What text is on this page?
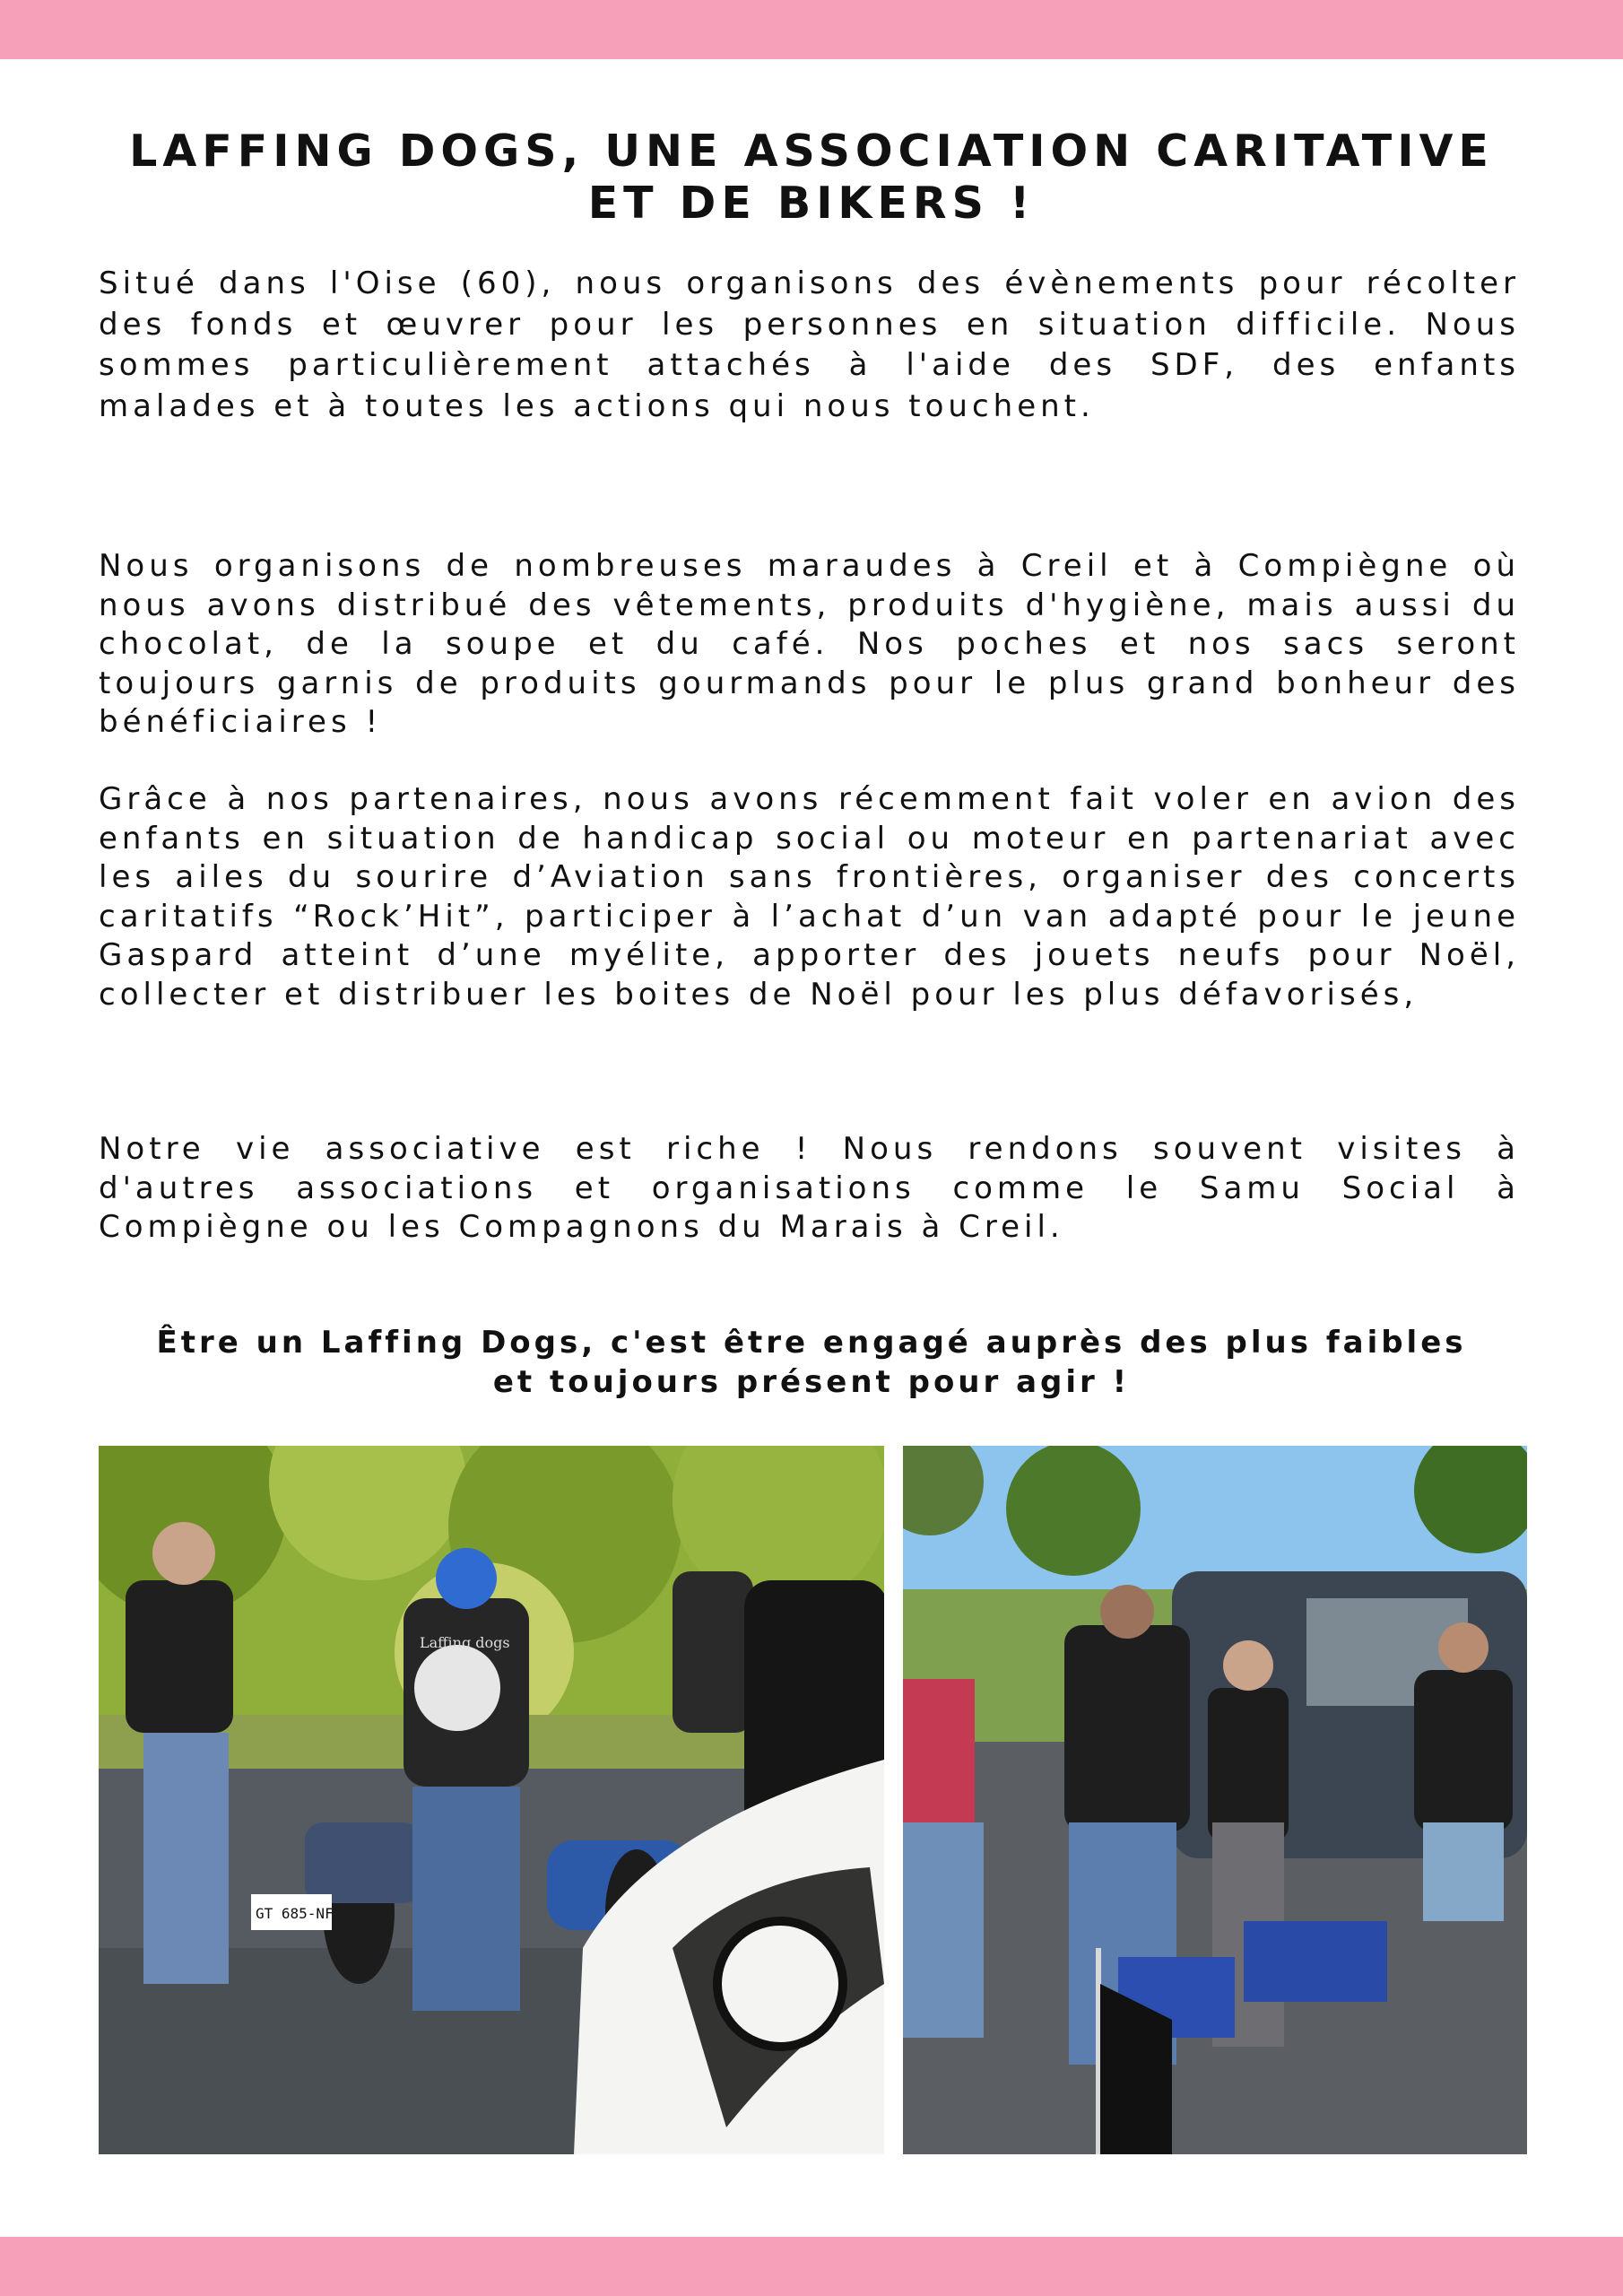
LAFFING DOGS, UNE ASSOCIATION CARITATIVE ET DE BIKERS !

Situé dans l'Oise (60), nous organisons des évènements pour récolter des fonds et œuvrer pour les personnes en situation difficile. Nous sommes particulièrement attachés à l'aide des SDF, des enfants malades et à toutes les actions qui nous touchent.

Nous organisons de nombreuses maraudes à Creil et à Compiègne où nous avons distribué des vêtements, produits d'hygiène, mais aussi du chocolat, de la soupe et du café. Nos poches et nos sacs seront toujours garnis de produits gourmands pour le plus grand bonheur des bénéficiaires !

Grâce à nos partenaires, nous avons récemment fait voler en avion des enfants en situation de handicap social ou moteur en partenariat avec les ailes du sourire d’Aviation sans frontières, organiser des concerts caritatifs “Rock’Hit”, participer à l’achat d’un van adapté pour le jeune Gaspard atteint d’une myélite, apporter des jouets neufs pour Noël, collecter et distribuer les boites de Noël pour les plus défavorisés,

Notre vie associative est riche ! Nous rendons souvent visites à d'autres associations et organisations comme le Samu Social à Compiègne ou les Compagnons du Marais à Creil.

Être un Laffing Dogs, c'est être engagé auprès des plus faibles et toujours présent pour agir !

GT 685-NF
Laffing dogs
